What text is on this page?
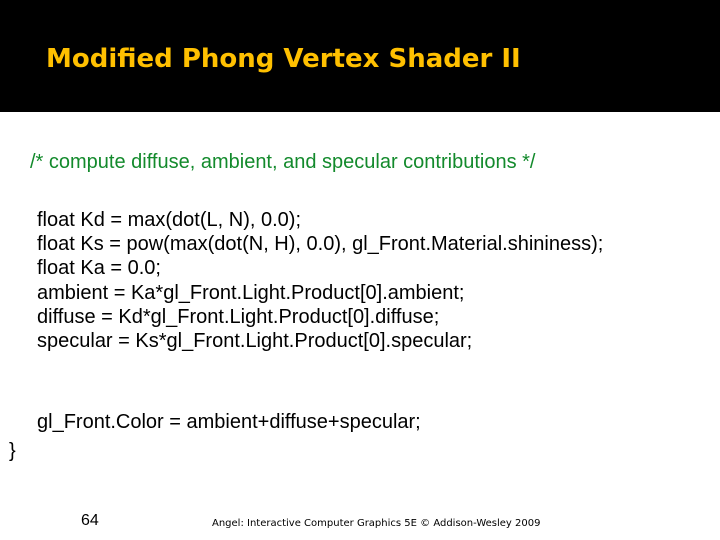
Modified Phong Vertex Shader II
/* compute diffuse, ambient, and specular contributions */
float Kd = max(dot(L, N), 0.0);
float Ks = pow(max(dot(N, H), 0.0), gl_Front.Material.shininess);
float Ka = 0.0;
ambient = Ka*gl_Front.Light.Product[0].ambient;
diffuse = Kd*gl_Front.Light.Product[0].diffuse;
specular = Ks*gl_Front.Light.Product[0].specular;
gl_Front.Color = ambient+diffuse+specular;
}
64	Angel: Interactive Computer Graphics 5E © Addison-Wesley 2009
